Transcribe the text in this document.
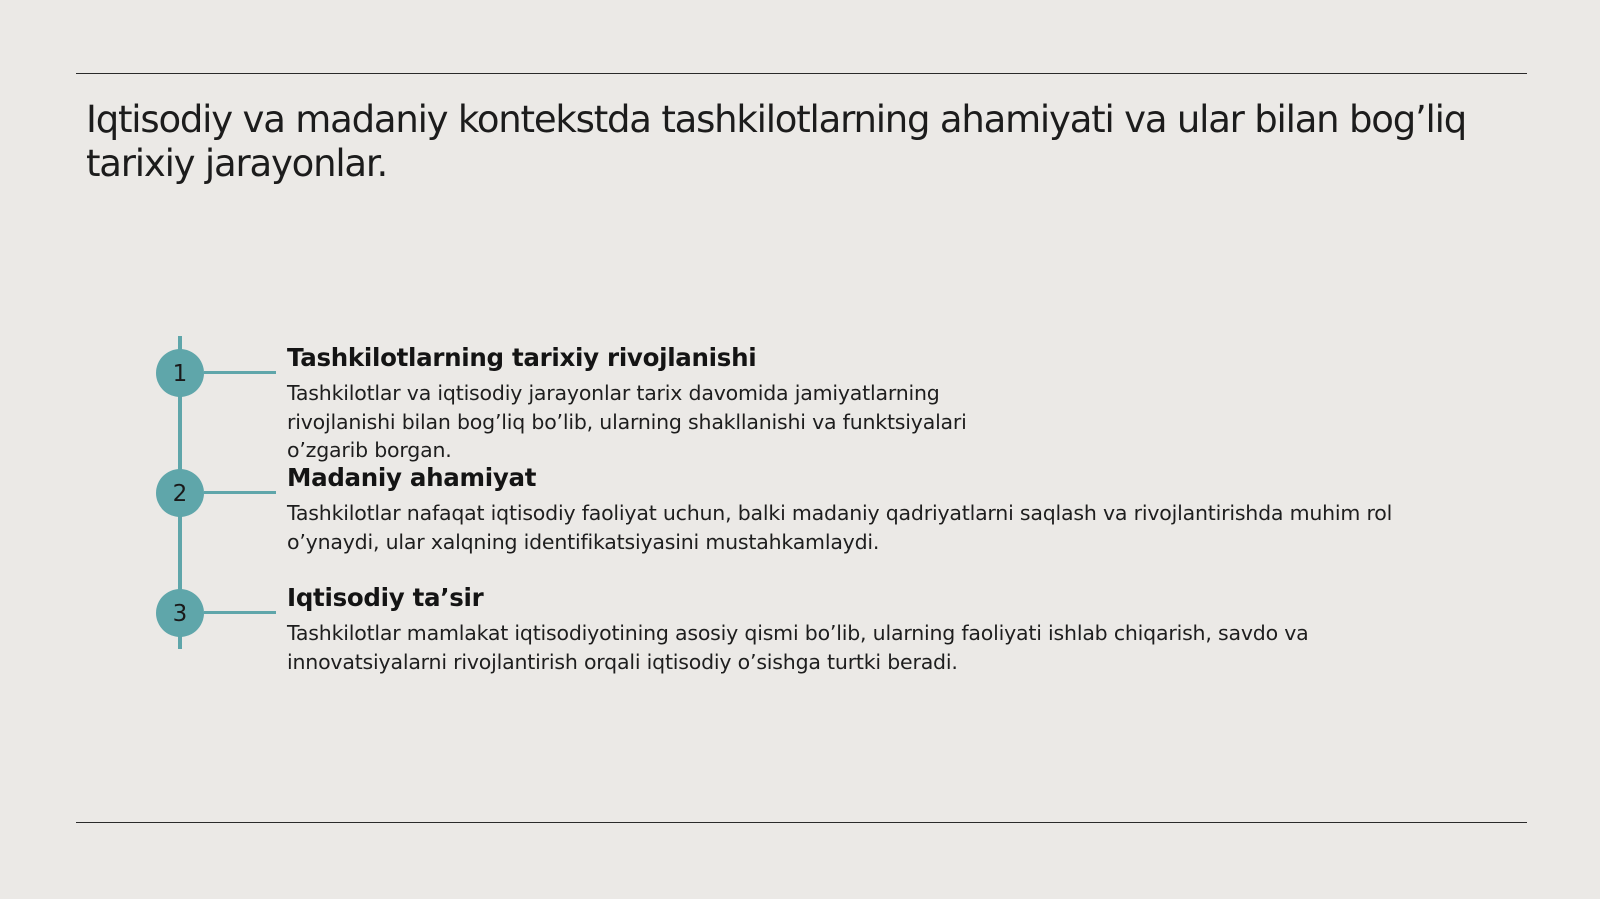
Iqtisodiy va madaniy kontekstda tashkilotlarning ahamiyati va ular bilan bog’liq tarixiy jarayonlar.
1
Tashkilotlarning tarixiy rivojlanishi

Tashkilotlar va iqtisodiy jarayonlar tarix davomida jamiyatlarning rivojlanishi bilan bog’liq bo’lib, ularning shakllanishi va funktsiyalari o’zgarib borgan.

2
Madaniy ahamiyat

Tashkilotlar nafaqat iqtisodiy faoliyat uchun, balki madaniy qadriyatlarni saqlash va rivojlantirishda muhim rol o’ynaydi, ular xalqning identifikatsiyasini mustahkamlaydi.

3
Iqtisodiy ta’sir

Tashkilotlar mamlakat iqtisodiyotining asosiy qismi bo’lib, ularning faoliyati ishlab chiqarish, savdo va innovatsiyalarni rivojlantirish orqali iqtisodiy o’sishga turtki beradi.
